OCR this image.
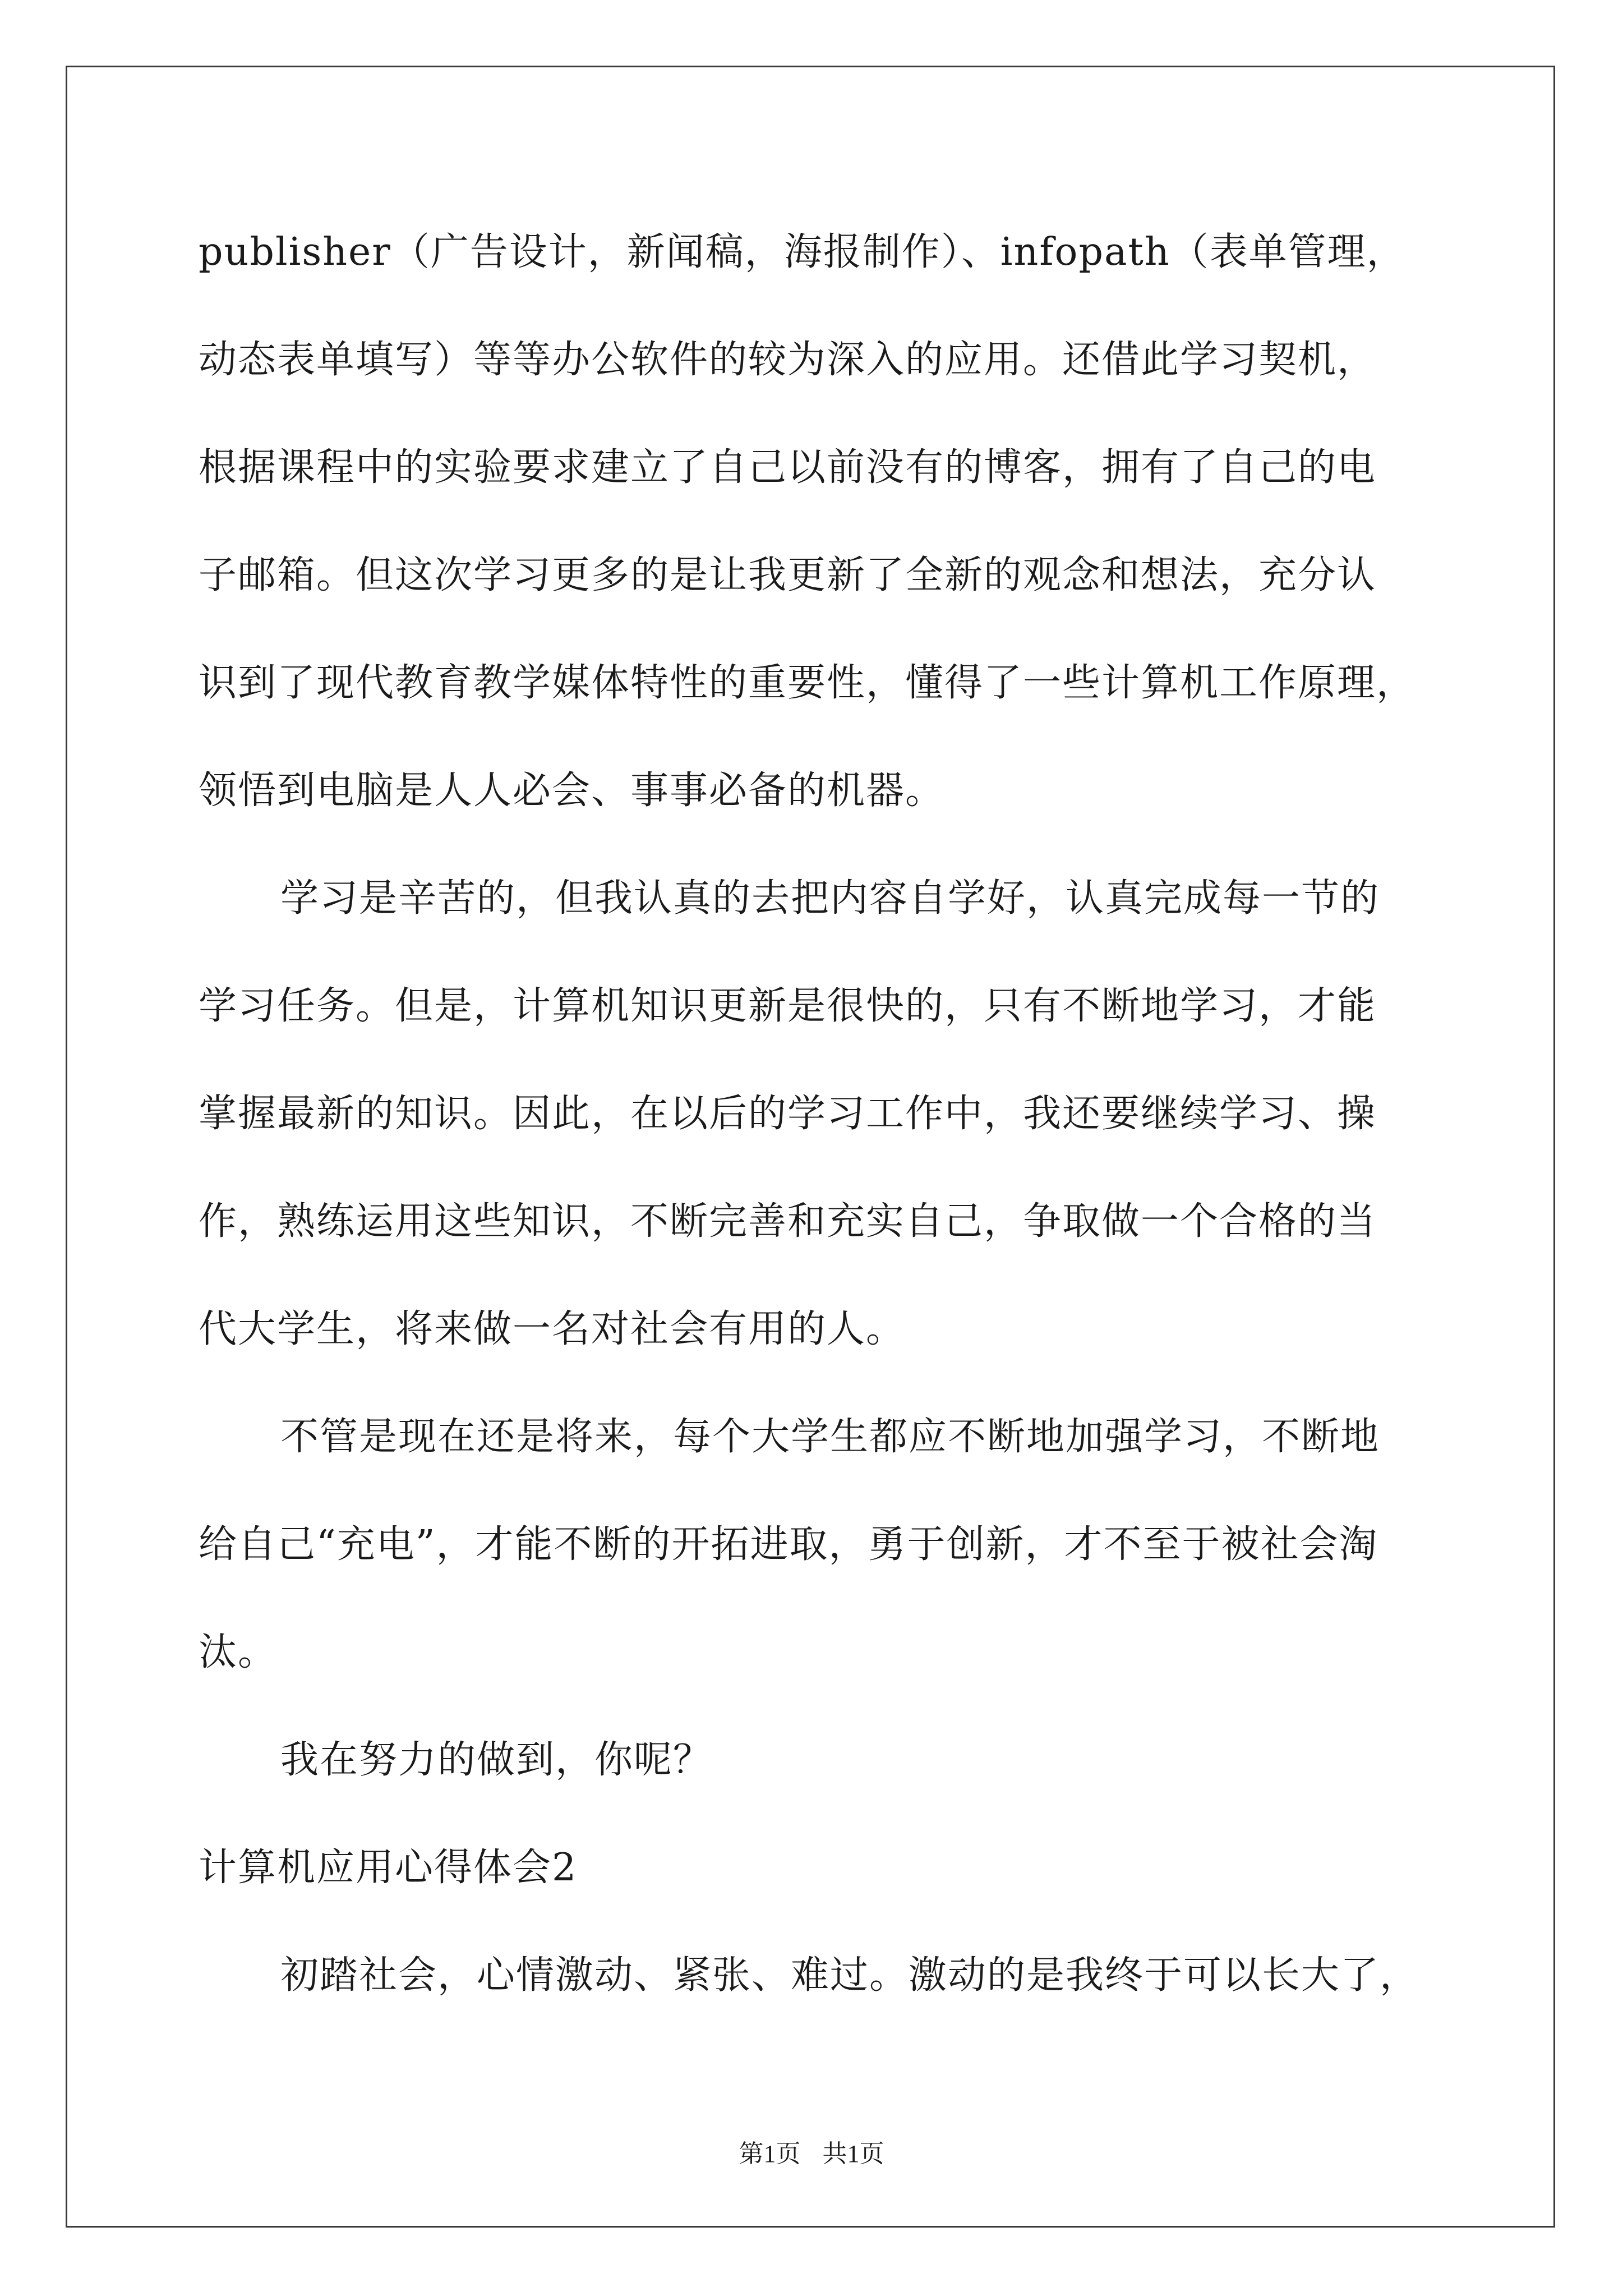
publisher（广告设计，新闻稿，海报制作）、infopath（表单管理，
动态表单填写）等等办公软件的较为深入的应用。还借此学习契机，
根据课程中的实验要求建立了自己以前没有的博客，拥有了自己的电
子邮箱。但这次学习更多的是让我更新了全新的观念和想法，充分认
识到了现代教育教学媒体特性的重要性，懂得了一些计算机工作原理，
领悟到电脑是人人必会、事事必备的机器。
学习是辛苦的，但我认真的去把内容自学好，认真完成每一节的
学习任务。但是，计算机知识更新是很快的，只有不断地学习，才能
掌握最新的知识。因此，在以后的学习工作中，我还要继续学习、操
作，熟练运用这些知识，不断完善和充实自己，争取做一个合格的当
代大学生，将来做一名对社会有用的人。
不管是现在还是将来，每个大学生都应不断地加强学习，不断地
给自己“充电”，才能不断的开拓进取，勇于创新，才不至于被社会淘
汰。
我在努力的做到，你呢？
计算机应用心得体会2
初踏社会，心情激动、紧张、难过。激动的是我终于可以长大了，
第1页 共1页
